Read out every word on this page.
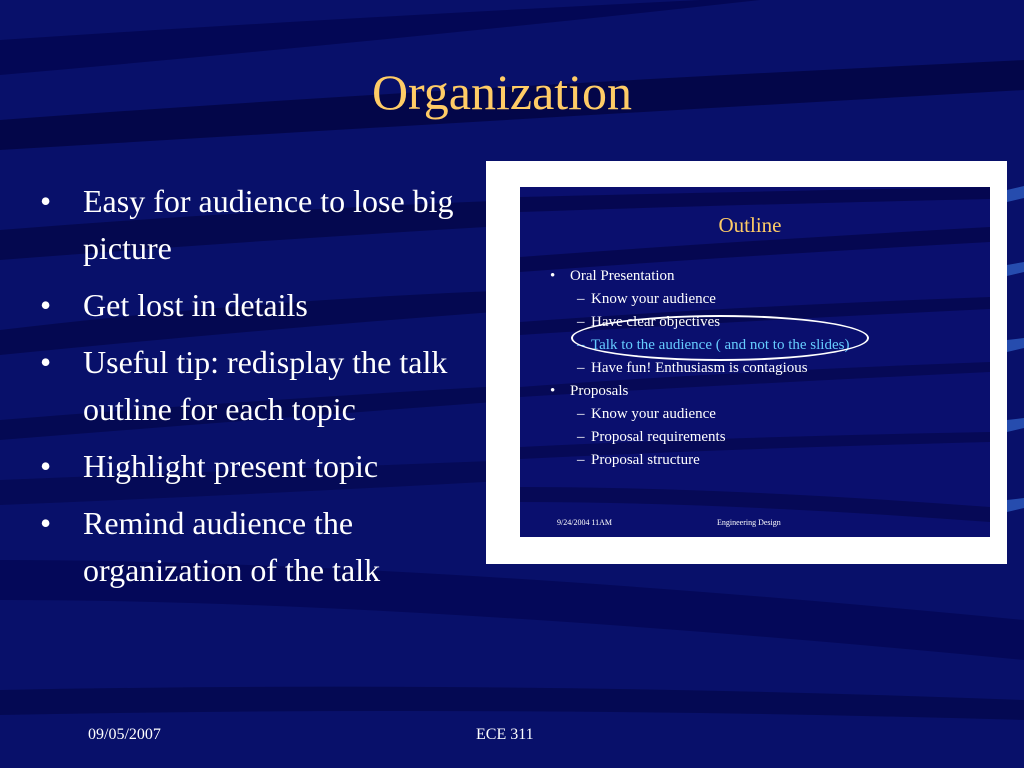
Organization
• Easy for audience to lose big picture
• Get lost in details
• Useful tip: redisplay the talk outline for each topic
• Highlight present topic
• Remind audience the organization of the talk
Outline
• Oral Presentation
– Know your audience
– Have clear objectives
– Talk to the audience ( and not to the slides)
– Have fun! Enthusiasm is contagious
• Proposals
– Know your audience
– Proposal requirements
– Proposal structure
9/24/2004 11AM	Engineering Design
09/05/2007	ECE 311
